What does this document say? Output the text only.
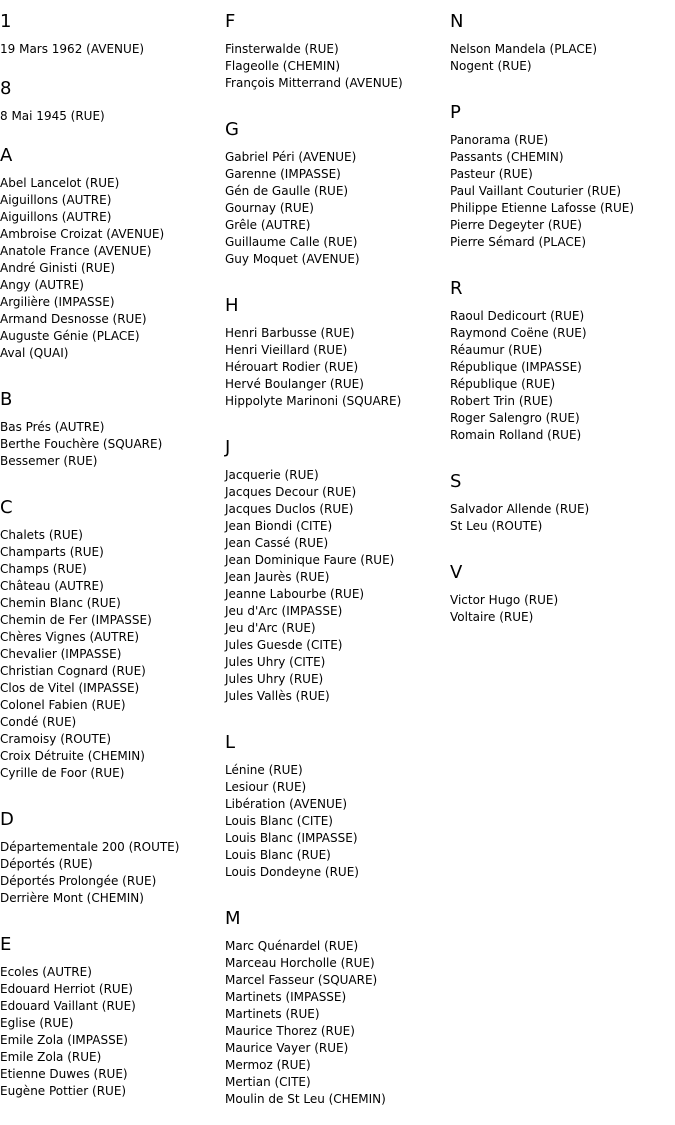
1
19 Mars 1962 (AVENUE)
8
8 Mai 1945 (RUE)
A
Abel Lancelot (RUE)
Aiguillons (AUTRE)
Aiguillons (AUTRE)
Ambroise Croizat (AVENUE)
Anatole France (AVENUE)
André Ginisti (RUE)
Angy (AUTRE)
Argilière (IMPASSE)
Armand Desnosse (RUE)
Auguste Génie (PLACE)
Aval (QUAI)
B
Bas Prés (AUTRE)
Berthe Fouchère (SQUARE)
Bessemer (RUE)
C
Chalets (RUE)
Champarts (RUE)
Champs (RUE)
Château (AUTRE)
Chemin Blanc (RUE)
Chemin de Fer (IMPASSE)
Chères Vignes (AUTRE)
Chevalier (IMPASSE)
Christian Cognard (RUE)
Clos de Vitel (IMPASSE)
Colonel Fabien (RUE)
Condé (RUE)
Cramoisy (ROUTE)
Croix Détruite (CHEMIN)
Cyrille de Foor (RUE)
D
Départementale 200 (ROUTE)
Déportés (RUE)
Déportés Prolongée (RUE)
Derrière Mont (CHEMIN)
E
Ecoles (AUTRE)
Edouard Herriot (RUE)
Edouard Vaillant (RUE)
Eglise (RUE)
Emile Zola (IMPASSE)
Emile Zola (RUE)
Etienne Duwes (RUE)
Eugène Pottier (RUE)
F
Finsterwalde (RUE)
Flageolle (CHEMIN)
François Mitterrand (AVENUE)
G
Gabriel Péri (AVENUE)
Garenne (IMPASSE)
Gén de Gaulle (RUE)
Gournay (RUE)
Grêle (AUTRE)
Guillaume Calle (RUE)
Guy Moquet (AVENUE)
H
Henri Barbusse (RUE)
Henri Vieillard (RUE)
Hérouart Rodier (RUE)
Hervé Boulanger (RUE)
Hippolyte Marinoni (SQUARE)
J
Jacquerie (RUE)
Jacques Decour (RUE)
Jacques Duclos (RUE)
Jean Biondi (CITE)
Jean Cassé (RUE)
Jean Dominique Faure (RUE)
Jean Jaurès (RUE)
Jeanne Labourbe (RUE)
Jeu d'Arc (IMPASSE)
Jeu d'Arc (RUE)
Jules Guesde (CITE)
Jules Uhry (CITE)
Jules Uhry (RUE)
Jules Vallès (RUE)
L
Lénine (RUE)
Lesiour (RUE)
Libération (AVENUE)
Louis Blanc (CITE)
Louis Blanc (IMPASSE)
Louis Blanc (RUE)
Louis Dondeyne (RUE)
M
Marc Quénardel (RUE)
Marceau Horcholle (RUE)
Marcel Fasseur (SQUARE)
Martinets (IMPASSE)
Martinets (RUE)
Maurice Thorez (RUE)
Maurice Vayer (RUE)
Mermoz (RUE)
Mertian (CITE)
Moulin de St Leu (CHEMIN)
N
Nelson Mandela (PLACE)
Nogent (RUE)
P
Panorama (RUE)
Passants (CHEMIN)
Pasteur (RUE)
Paul Vaillant Couturier (RUE)
Philippe Etienne Lafosse (RUE)
Pierre Degeyter (RUE)
Pierre Sémard (PLACE)
R
Raoul Dedicourt (RUE)
Raymond Coëne (RUE)
Réaumur (RUE)
République (IMPASSE)
République (RUE)
Robert Trin (RUE)
Roger Salengro (RUE)
Romain Rolland (RUE)
S
Salvador Allende (RUE)
St Leu (ROUTE)
V
Victor Hugo (RUE)
Voltaire (RUE)
